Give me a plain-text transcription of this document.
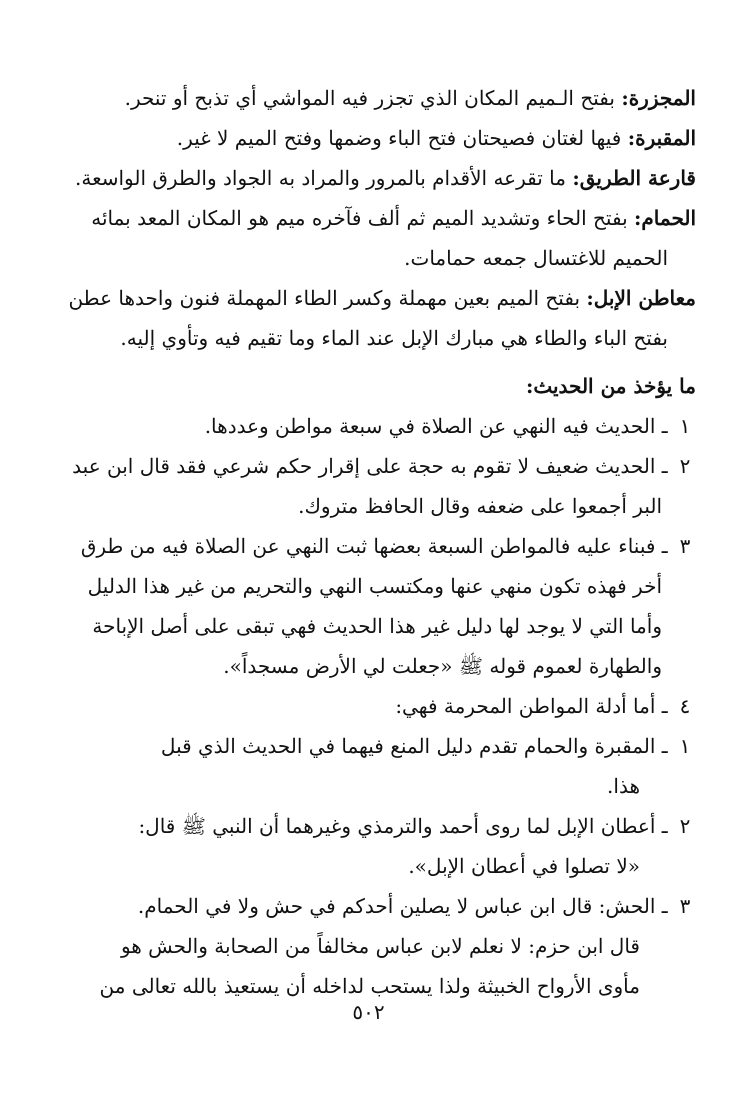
المجزرة: بفتح الـميم المكان الذي تجزر فيه المواشي أي تذبح أو تنحر.
المقبرة: فيها لغتان فصيحتان فتح الباء وضمها وفتح الميم لا غير.
قارعة الطريق: ما تقرعه الأقدام بالمرور والمراد به الجواد والطرق الواسعة.
الحمام: بفتح الحاء وتشديد الميم ثم ألف فآخره ميم هو المكان المعد بمائه
الحميم للاغتسال جمعه حمامات.
معاطن الإبل: بفتح الميم بعين مهملة وكسر الطاء المهملة فنون واحدها عطن
بفتح الباء والطاء هي مبارك الإبل عند الماء وما تقيم فيه وتأوي إليه.
ما يؤخذ من الحديث:
١ ـ الحديث فيه النهي عن الصلاة في سبعة مواطن وعددها.
٢ ـ الحديث ضعيف لا تقوم به حجة على إقرار حكم شرعي فقد قال ابن عبد
البر أجمعوا على ضعفه وقال الحافظ متروك.
٣ ـ فبناء عليه فالمواطن السبعة بعضها ثبت النهي عن الصلاة فيه من طرق
أخر فهذه تكون منهي عنها ومكتسب النهي والتحريم من غير هذا الدليل
وأما التي لا يوجد لها دليل غير هذا الحديث فهي تبقى على أصل الإباحة
والطهارة لعموم قوله ﷺ «جعلت لي الأرض مسجداً».
٤ ـ أما أدلة المواطن المحرمة فهي:
١ ـ المقبرة والحمام تقدم دليل المنع فيهما في الحديث الذي قبل
هذا.
٢ ـ أعطان الإبل لما روى أحمد والترمذي وغيرهما أن النبي ﷺ قال:
«لا تصلوا في أعطان الإبل».
٣ ـ الحش: قال ابن عباس لا يصلين أحدكم في حش ولا في الحمام.
قال ابن حزم: لا نعلم لابن عباس مخالفاً من الصحابة والحش هو
مأوى الأرواح الخبيثة ولذا يستحب لداخله أن يستعيذ بالله تعالى من
٥٠٢
